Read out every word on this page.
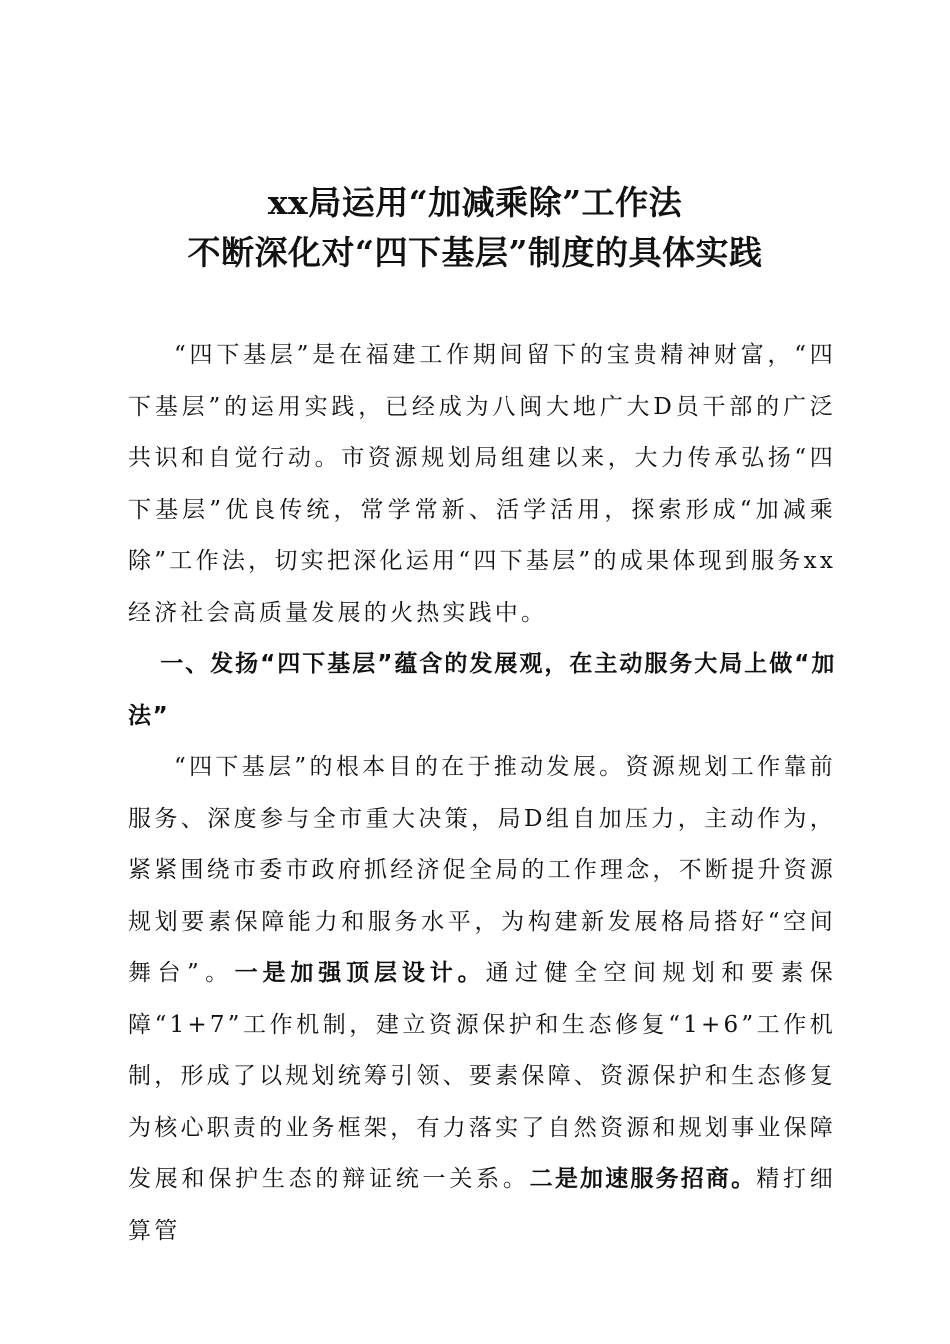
xx局运用“加减乘除”工作法
不断深化对“四下基层”制度的具体实践

“四下基层”是在福建工作期间留下的宝贵精神财富，“四下基层”的运用实践，已经成为八闽大地广大D员干部的广泛共识和自觉行动。市资源规划局组建以来，大力传承弘扬“四下基层”优良传统，常学常新、活学活用，探索形成“加减乘除”工作法，切实把深化运用“四下基层”的成果体现到服务xx经济社会高质量发展的火热实践中。

一、发扬“四下基层”蕴含的发展观，在主动服务大局上做“加法”

“四下基层”的根本目的在于推动发展。资源规划工作靠前服务、深度参与全市重大决策，局D组自加压力，主动作为，紧紧围绕市委市政府抓经济促全局的工作理念，不断提升资源规划要素保障能力和服务水平，为构建新发展格局搭好“空间舞台”。一是加强顶层设计。通过健全空间规划和要素保障“1+7”工作机制，建立资源保护和生态修复“1+6”工作机制，形成了以规划统筹引领、要素保障、资源保护和生态修复为核心职责的业务框架，有力落实了自然资源和规划事业保障发展和保护生态的辩证统一关系。二是加速服务招商。精打细算管
